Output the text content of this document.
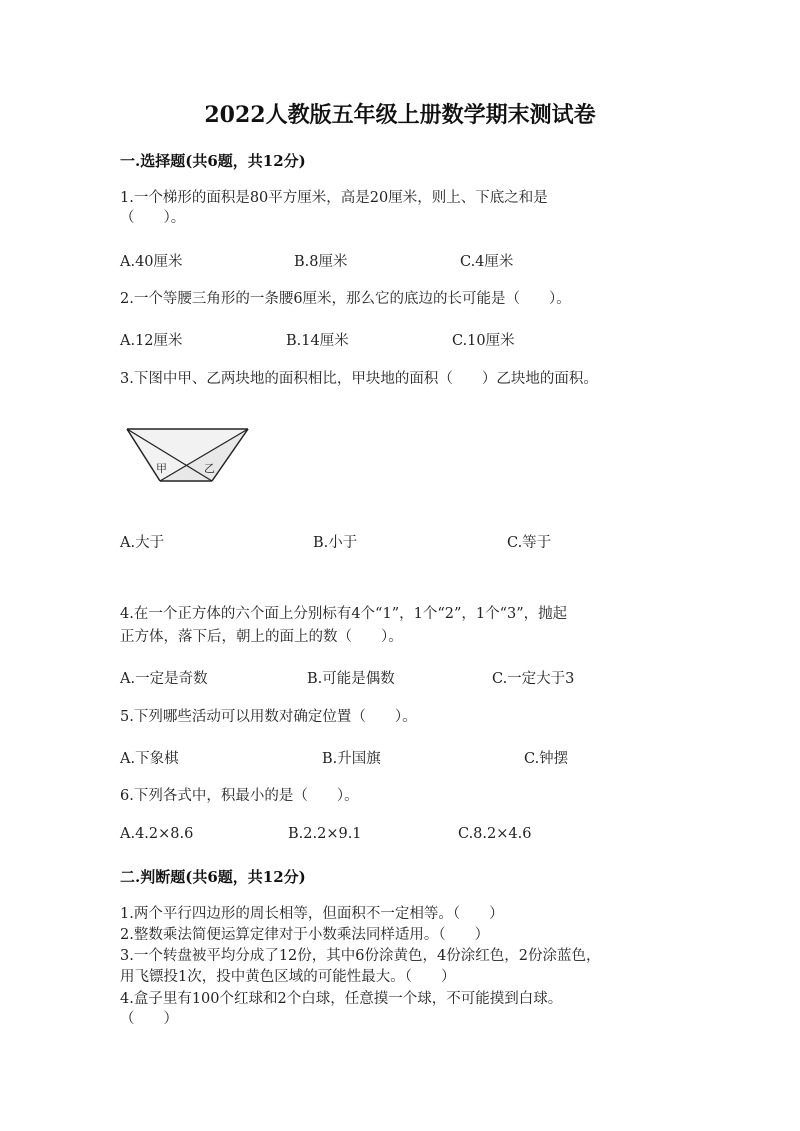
2022人教版五年级上册数学期末测试卷
一.选择题(共6题，共12分)
1.一个梯形的面积是80平方厘米，高是20厘米，则上、下底之和是
（　　）。
A.40厘米	B.8厘米	C.4厘米
2.一个等腰三角形的一条腰6厘米，那么它的底边的长可能是（　　）。
A.12厘米	B.14厘米	C.10厘米
3.下图中甲、乙两块地的面积相比，甲块地的面积（　　）乙块地的面积。
甲	乙
A.大于	B.小于	C.等于
4.在一个正方体的六个面上分别标有4个“1”，1个“2”，1个“3”，抛起
正方体，落下后，朝上的面上的数（　　）。
A.一定是奇数	B.可能是偶数	C.一定大于3
5.下列哪些活动可以用数对确定位置（　　）。
A.下象棋	B.升国旗	C.钟摆
6.下列各式中，积最小的是（　　）。
A.4.2×8.6	B.2.2×9.1	C.8.2×4.6
二.判断题(共6题，共12分)
1.两个平行四边形的周长相等，但面积不一定相等。（　　）
2.整数乘法简便运算定律对于小数乘法同样适用。（　　）
3.一个转盘被平均分成了12份，其中6份涂黄色，4份涂红色，2份涂蓝色，
用飞镖投1次，投中黄色区域的可能性最大。（　　）
4.盒子里有100个红球和2个白球，任意摸一个球，不可能摸到白球。
（　　）
